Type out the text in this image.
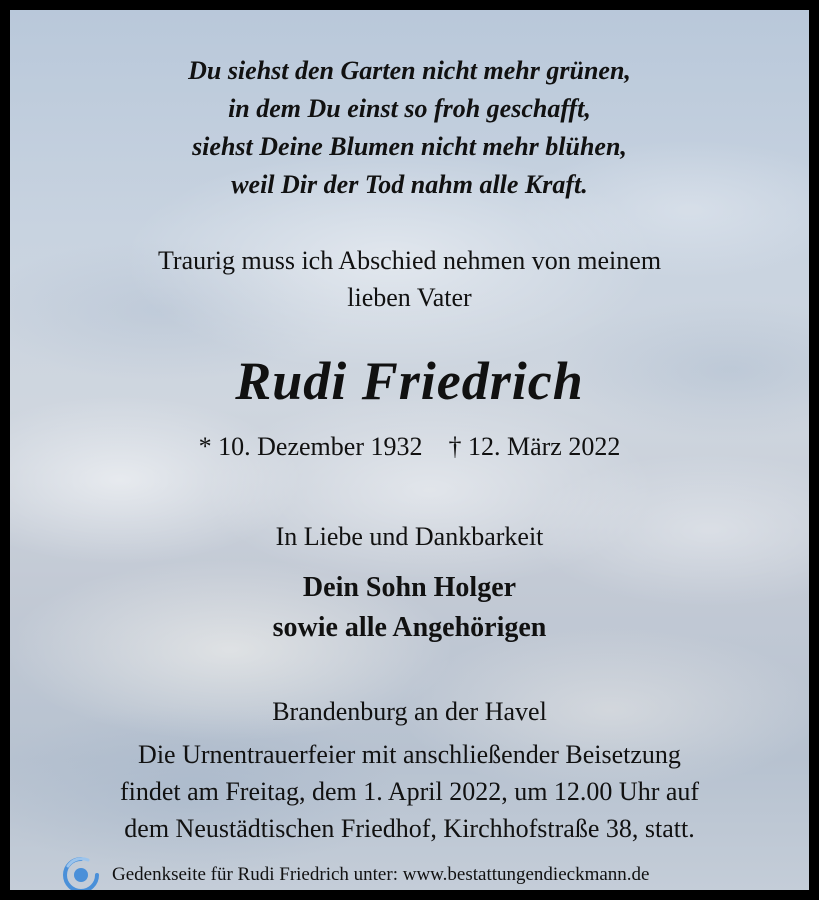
Du siehst den Garten nicht mehr grünen,
in dem Du einst so froh geschafft,
siehst Deine Blumen nicht mehr blühen,
weil Dir der Tod nahm alle Kraft.
Traurig muss ich Abschied nehmen von meinem
lieben Vater
Rudi Friedrich
* 10. Dezember 1932 † 12. März 2022
In Liebe und Dankbarkeit
Dein Sohn Holger
sowie alle Angehörigen
Brandenburg an der Havel
Die Urnentrauerfeier mit anschließender Beisetzung
findet am Freitag, dem 1. April 2022, um 12.00 Uhr auf
dem Neustädtischen Friedhof, Kirchhofstraße 38, statt.
Gedenkseite für Rudi Friedrich unter: www.bestattungendieckmann.de
